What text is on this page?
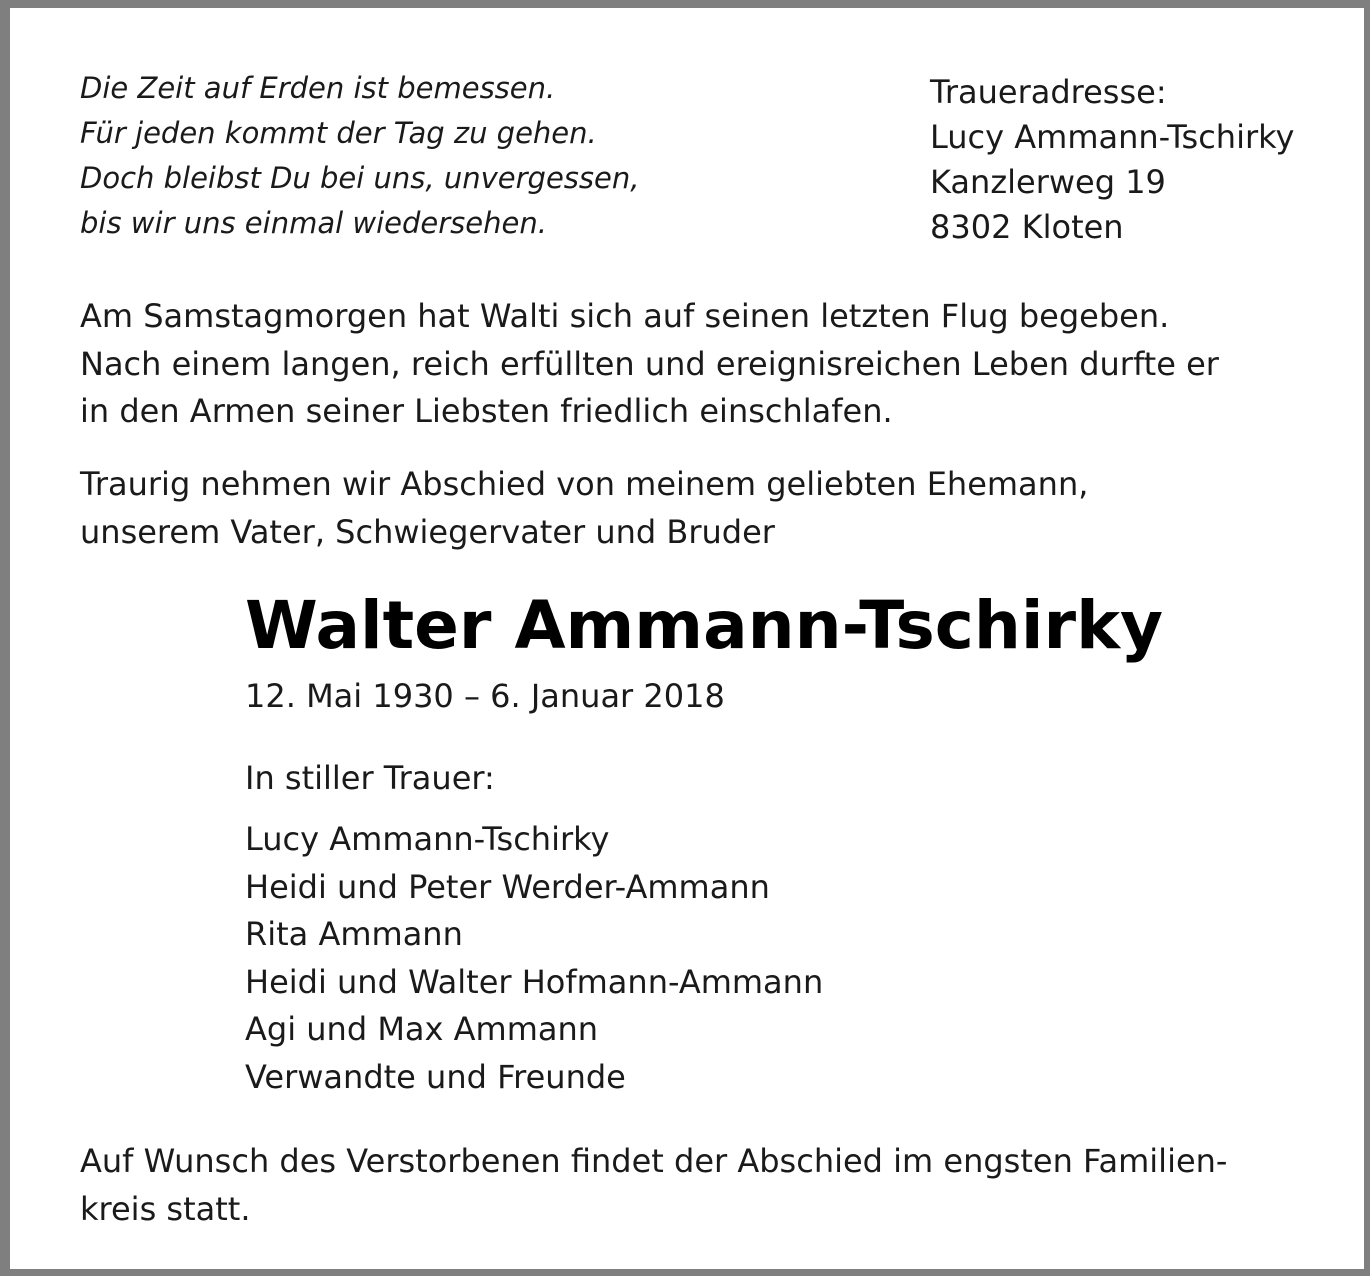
Die Zeit auf Erden ist bemessen.
Für jeden kommt der Tag zu gehen.
Doch bleibst Du bei uns, unvergessen,
bis wir uns einmal wiedersehen.
Traueradresse:
Lucy Ammann-Tschirky
Kanzlerweg 19
8302 Kloten
Am Samstagmorgen hat Walti sich auf seinen letzten Flug begeben.
Nach einem langen, reich erfüllten und ereignisreichen Leben durfte er
in den Armen seiner Liebsten friedlich einschlafen.
Traurig nehmen wir Abschied von meinem geliebten Ehemann,
unserem Vater, Schwiegervater und Bruder
Walter Ammann-Tschirky
12. Mai 1930 – 6. Januar 2018
In stiller Trauer:
Lucy Ammann-Tschirky
Heidi und Peter Werder-Ammann
Rita Ammann
Heidi und Walter Hofmann-Ammann
Agi und Max Ammann
Verwandte und Freunde
Auf Wunsch des Verstorbenen findet der Abschied im engsten Familien-
kreis statt.
